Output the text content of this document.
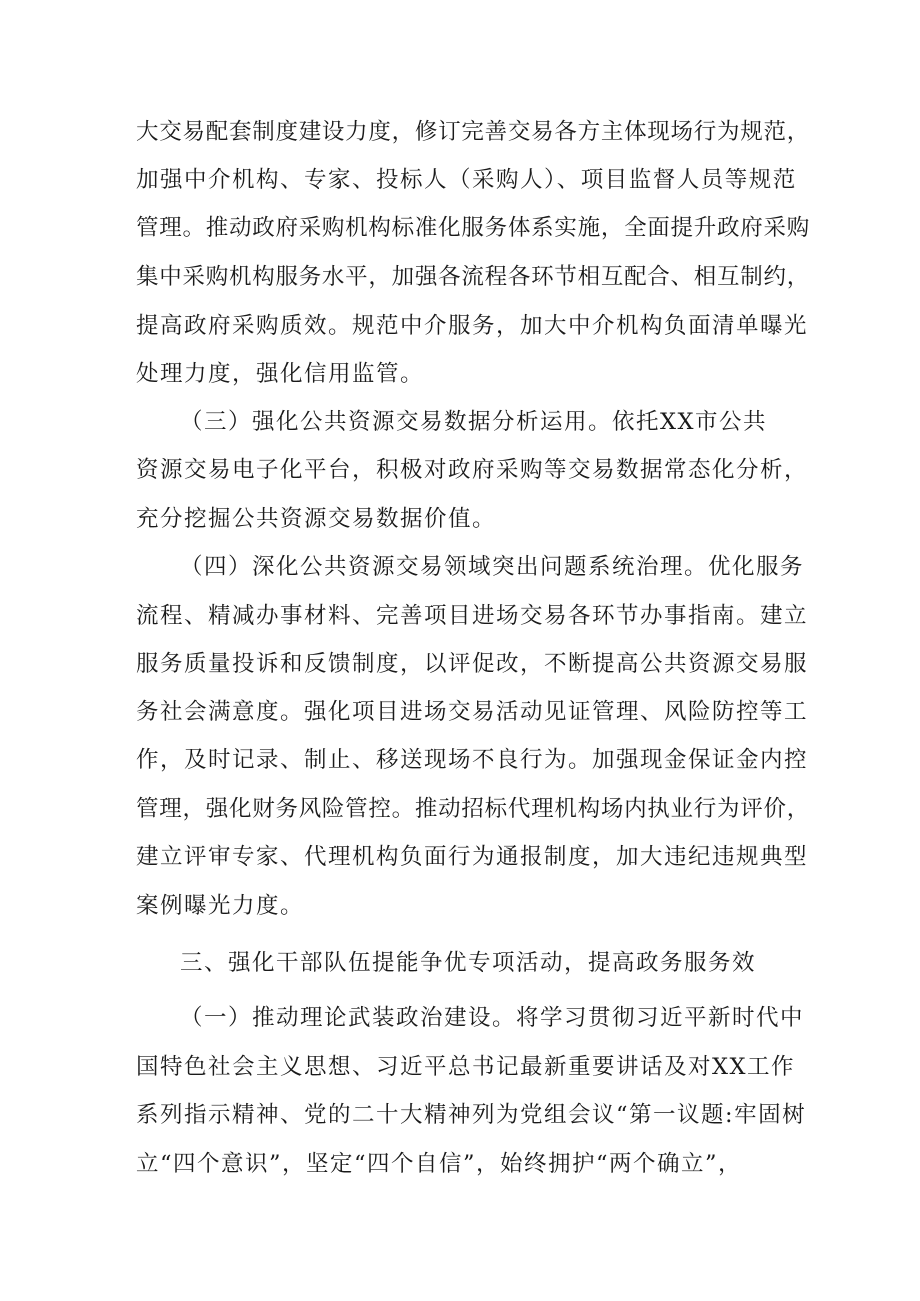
大交易配套制度建设力度，修订完善交易各方主体现场行为规范，
加强中介机构、专家、投标人（采购人）、项目监督人员等规范
管理。推动政府采购机构标准化服务体系实施，全面提升政府采购
集中采购机构服务水平，加强各流程各环节相互配合、相互制约，
提高政府采购质效。规范中介服务，加大中介机构负面清单曝光
处理力度，强化信用监管。
（三）强化公共资源交易数据分析运用。依托XX市公共
资源交易电子化平台，积极对政府采购等交易数据常态化分析，
充分挖掘公共资源交易数据价值。
（四）深化公共资源交易领域突出问题系统治理。优化服务
流程、精减办事材料、完善项目进场交易各环节办事指南。建立
服务质量投诉和反馈制度，以评促改，不断提高公共资源交易服
务社会满意度。强化项目进场交易活动见证管理、风险防控等工
作，及时记录、制止、移送现场不良行为。加强现金保证金内控
管理，强化财务风险管控。推动招标代理机构场内执业行为评价，
建立评审专家、代理机构负面行为通报制度，加大违纪违规典型
案例曝光力度。
三、强化干部队伍提能争优专项活动，提高政务服务效
（一）推动理论武装政治建设。将学习贯彻习近平新时代中
国特色社会主义思想、习近平总书记最新重要讲话及对XX工作
系列指示精神、党的二十大精神列为党组会议“第一议题:牢固树
立“四个意识”，坚定“四个自信”，始终拥护“两个确立”，
